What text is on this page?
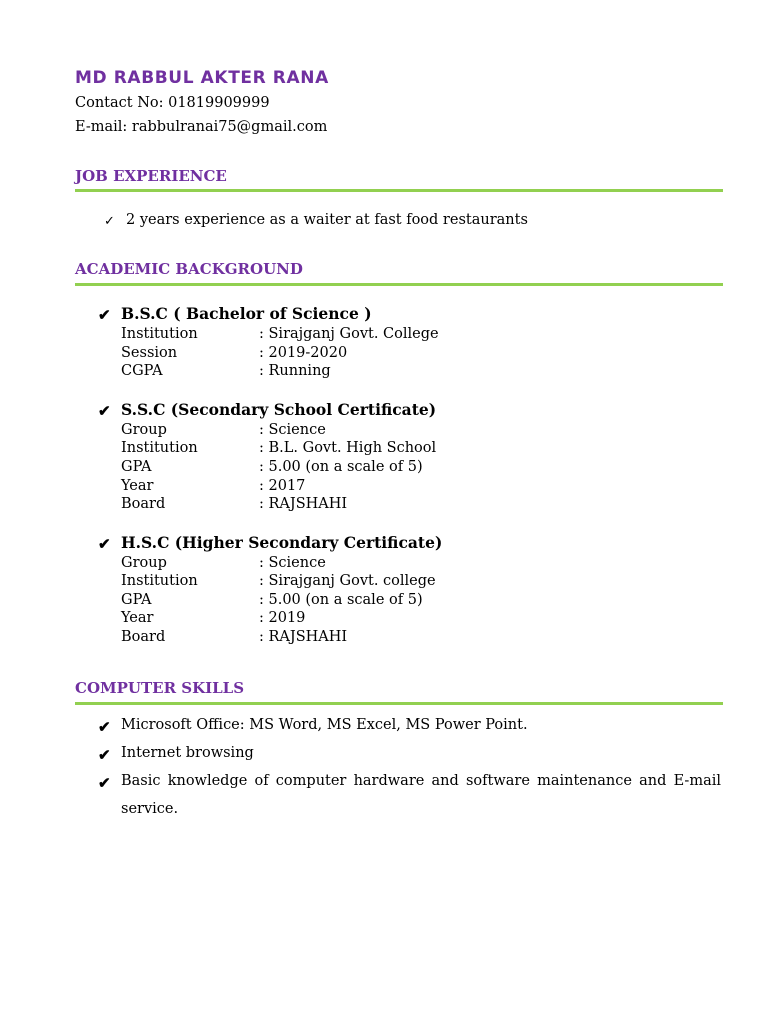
MD RABBUL AKTER RANA

Contact No: 01819909999

E-mail: rabbulranai75@gmail.com

JOB EXPERIENCE
✓ 2 years experience as a waiter at fast food restaurants
ACADEMIC BACKGROUND
✔ B.S.C ( Bachelor of Science )
Institution	: Sirajganj Govt. College
Session	: 2019-2020
CGPA	: Running
✔ S.S.C (Secondary School Certificate)
Group	: Science
Institution	: B.L. Govt. High School
GPA	: 5.00 (on a scale of 5)
Year	: 2017
Board	: RAJSHAHI
✔ H.S.C (Higher Secondary Certificate)
Group	: Science
Institution	: Sirajganj Govt. college
GPA	: 5.00 (on a scale of 5)
Year	: 2019
Board	: RAJSHAHI
COMPUTER SKILLS
✔ Microsoft Office: MS Word, MS Excel, MS Power Point.
✔ Internet browsing
✔ Basic knowledge of computer hardware and software maintenance and E-mail
service.
